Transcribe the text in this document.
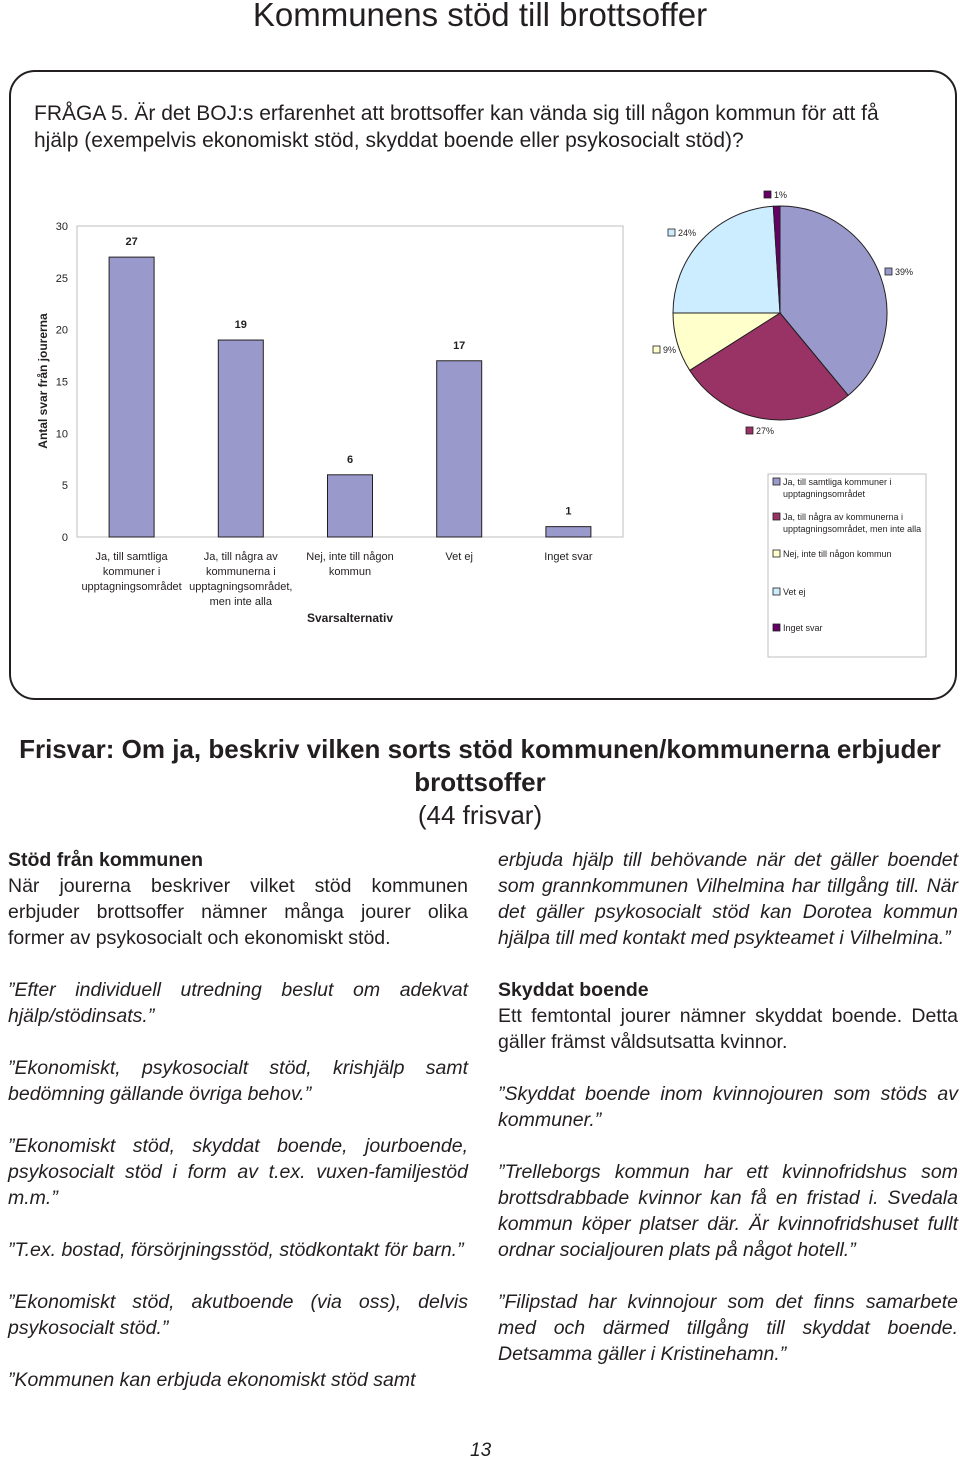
Kommunens stöd till brottsoffer
FRÅGA 5. Är det BOJ:s erfarenhet att brottsoffer kan vända sig till någon kommun för att få hjälp (exempelvis ekonomiskt stöd, skyddat boende eller psykosocialt stöd)?
0
5
10
15
20
25
30
Antal svar från jourerna
27
Ja, till samtliga
kommuner i
upptagningsområdet
19
Ja, till några av
kommunerna i
upptagningsområdet,
men inte alla
6
Nej, inte till någon
kommun
17
Vet ej
1
Inget svar
Svarsalternativ
39%
27%
9%
24%
1%
Ja, till samtliga kommuner i
upptagningsområdet
Ja, till några av kommunerna i
upptagningsområdet, men inte alla
Nej, inte till någon kommun
Vet ej
Inget svar
Frisvar: Om ja, beskriv vilken sorts stöd kommunen/kommunerna erbjuder brottsoffer
(44 frisvar)
Stöd från kommunen

När jourerna beskriver vilket stöd kommunen erbjuder brottsoffer nämner många jourer olika former av psykosocialt och ekonomiskt stöd.

”Efter individuell utredning beslut om adekvat hjälp/stödinsats.”

”Ekonomiskt, psykosocialt stöd, krishjälp samt bedömning gällande övriga behov.”

”Ekonomiskt stöd, skyddat boende, jourboende, psykosocialt stöd i form av t.ex. vuxen-familjestöd m.m.”

”T.ex. bostad, försörjningsstöd, stödkontakt för barn.”

”Ekonomiskt stöd, akutboende (via oss), delvis psykosocialt stöd.”

”Kommunen kan erbjuda ekonomiskt stöd samt

erbjuda hjälp till behövande när det gäller boendet som grannkommunen Vilhelmina har tillgång till. När det gäller psykosocialt stöd kan Dorotea kommun hjälpa till med kontakt med psykteamet i Vilhelmina.”

Skyddat boende

Ett femtontal jourer nämner skyddat boende. Detta gäller främst våldsutsatta kvinnor.

”Skyddat boende inom kvinnojouren som stöds av kommuner.”

”Trelleborgs kommun har ett kvinnofridshus som brottsdrabbade kvinnor kan få en fristad i. Svedala kommun köper platser där. Är kvinnofridshuset fullt ordnar socialjouren plats på något hotell.”

”Filipstad har kvinnojour som det finns samarbete med och därmed tillgång till skyddat boende. Detsamma gäller i Kristinehamn.”

13
